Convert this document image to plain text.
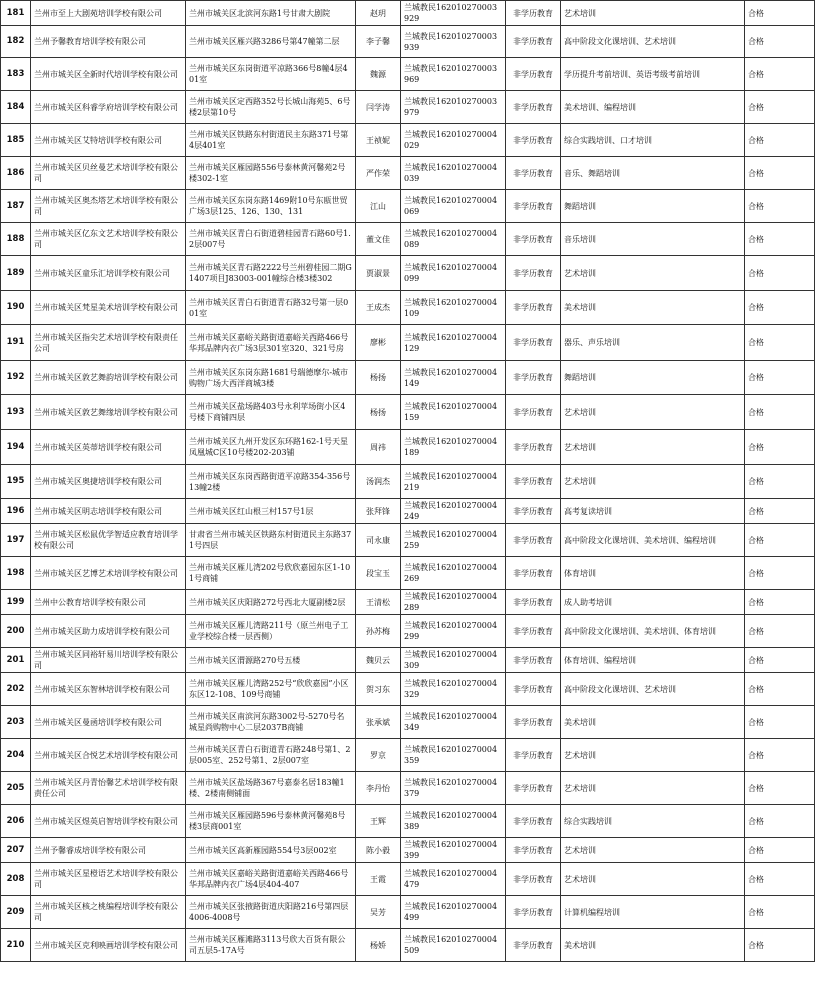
181	兰州市至上大剧苑培训学校有限公司	兰州市城关区北滨河东路1号甘肃大剧院	赵玥	兰城教民162010270003929	非学历教育	艺术培训	合格
182	兰州予馨教育培训学校有限公司	兰州市城关区雁兴路3286号第47幢第二层	李子馨	兰城教民162010270003939	非学历教育	高中阶段文化课培训、艺术培训	合格
183	兰州市城关区全新时代培训学校有限公司	兰州市城关区东岗街道平凉路366号8幢4层401室	魏源	兰城教民162010270003969	非学历教育	学历提升考前培训、英语考级考前培训	合格
184	兰州市城关区科睿学府培训学校有限公司	兰州市城关区定西路352号长城山海苑5、6号楼2层第10号	闫学涛	兰城教民162010270003979	非学历教育	美术培训、编程培训	合格
185	兰州市城关区艾特培训学校有限公司	兰州市城关区铁路东村街道民主东路371号第4层401室	王祯妮	兰城教民162010270004029	非学历教育	综合实践培训、口才培训	合格
186	兰州市城关区贝丝曼艺术培训学校有限公司	兰州市城关区雁园路556号泰林黄河馨苑2号楼302-1室	严作荣	兰城教民162010270004039	非学历教育	音乐、舞蹈培训	合格
187	兰州市城关区奥杰塔艺术培训学校有限公司	兰州市城关区东岗东路1469附10号东瓯世贸广场3层125、126、130、131	江山	兰城教民162010270004069	非学历教育	舞蹈培训	合格
188	兰州市城关区亿东文艺术培训学校有限公司	兰州市城关区青白石街道碧桂园青石路60号1.2层007号	董文佳	兰城教民162010270004089	非学历教育	音乐培训	合格
189	兰州市城关区童乐汇培训学校有限公司	兰州市城关区青石路2222号兰州碧桂园二期G1407项目J83003-001幢综合楼3楼302	贾淑景	兰城教民162010270004099	非学历教育	艺术培训	合格
190	兰州市城关区梵星美术培训学校有限公司	兰州市城关区青白石街道青石路32号第一层001室	王成杰	兰城教民162010270004109	非学历教育	美术培训	合格
191	兰州市城关区指尖艺术培训学校有限责任公司	兰州市城关区嘉峪关路街道嘉峪关西路466号华邦品牌内衣广场3层301室320、321号房	廖彬	兰城教民162010270004129	非学历教育	器乐、声乐培训	合格
192	兰州市城关区敦艺舞韵培训学校有限公司	兰州市城关区东岗东路1681号瑞德摩尔-城市购物广场大西洋商城3楼	杨扬	兰城教民162010270004149	非学历教育	舞蹈培训	合格
193	兰州市城关区敦艺舞缘培训学校有限公司	兰州市城关区盐场路403号永利苹场街小区4号楼下商铺四层	杨扬	兰城教民162010270004159	非学历教育	艺术培训	合格
194	兰州市城关区英蒂培训学校有限公司	兰州市城关区九州开发区东环路162-1号天星凤凰城C区10号楼202-203铺	周祎	兰城教民162010270004189	非学历教育	艺术培训	合格
195	兰州市城关区奥捷培训学校有限公司	兰州市城关区东岗西路街道平凉路354-356号13幢2楼	汤润杰	兰城教民162010270004219	非学历教育	艺术培训	合格
196	兰州市城关区明志培训学校有限公司	兰州市城关区红山根三村157号1层	张拜锋	兰城教民162010270004249	非学历教育	高考复读培训	合格
197	兰州市城关区松鼠优学智适应教育培训学校有限公司	甘肃省兰州市城关区铁路东村街道民主东路371号四层	司永康	兰城教民162010270004259	非学历教育	高中阶段文化课培训、美术培训、编程培训	合格
198	兰州市城关区艺博艺术培训学校有限公司	兰州市城关区雁儿湾202号欣欣嘉园东区1-101号商铺	段宝玉	兰城教民162010270004269	非学历教育	体育培训	合格
199	兰州中公教育培训学校有限公司	兰州市城关区庆阳路272号西北大厦副楼2层	王清松	兰城教民162010270004289	非学历教育	成人助考培训	合格
200	兰州市城关区助力成培训学校有限公司	兰州市城关区雁儿湾路211号（原兰州电子工业学校综合楼一层西侧）	孙苏梅	兰城教民162010270004299	非学历教育	高中阶段文化课培训、美术培训、体育培训	合格
201	兰州市城关区同裕轩易川培训学校有限公司	兰州市城关区渭源路270号五楼	魏贝云	兰城教民162010270004309	非学历教育	体育培训、编程培训	合格
202	兰州市城关区东智林培训学校有限公司	兰州市城关区雁儿湾路252号“欣欣嘉园”小区东区12-108、109号商铺	贺习东	兰城教民162010270004329	非学历教育	高中阶段文化课培训、艺术培训	合格
203	兰州市城关区曼函培训学校有限公司	兰州市城关区南滨河东路3002号-5270号名城星尚购物中心二层2037B商铺	张承斌	兰城教民162010270004349	非学历教育	美术培训	合格
204	兰州市城关区合悦艺术培训学校有限公司	兰州市城关区青白石街道青石路248号第1、2层005室、252号第1、2层007室	罗京	兰城教民162010270004359	非学历教育	艺术培训	合格
205	兰州市城关区丹青怡馨艺术培训学校有限责任公司	兰州市城关区盐场路367号嘉泰名居183幢1楼、2楼南侧铺面	李丹怡	兰城教民162010270004379	非学历教育	艺术培训	合格
206	兰州市城关区煜英启智培训学校有限公司	兰州市城关区雁园路596号泰林黄河馨苑8号楼3层商001室	王辉	兰城教民162010270004389	非学历教育	综合实践培训	合格
207	兰州予馨睿成培训学校有限公司	兰州市城关区高新雁园路554号3层002室	陈小毅	兰城教民162010270004399	非学历教育	艺术培训	合格
208	兰州市城关区星橙语艺术培训学校有限公司	兰州市城关区嘉峪关路街道嘉峪关西路466号华邦品牌内衣广场4层404-407	王霞	兰城教民162010270004479	非学历教育	艺术培训	合格
209	兰州市城关区核之桃编程培训学校有限公司	兰州市城关区张掖路街道庆阳路216号第四层4006-4008号	吴芳	兰城教民162010270004499	非学历教育	计算机编程培训	合格
210	兰州市城关区克利映画培训学校有限公司	兰州市城关区雁滩路3113号欣大百货有限公司五层5-17A号	杨娇	兰城教民162010270004509	非学历教育	美术培训	合格
